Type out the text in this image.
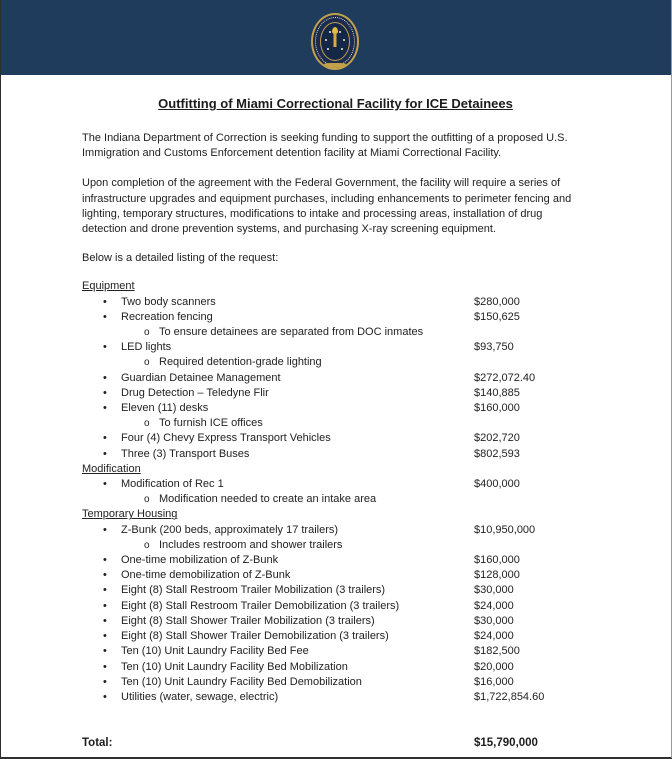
Outfitting of Miami Correctional Facility for ICE Detainees

The Indiana Department of Correction is seeking funding to support the outfitting of a proposed U.S. Immigration and Customs Enforcement detention facility at Miami Correctional Facility.

Upon completion of the agreement with the Federal Government, the facility will require a series of infrastructure upgrades and equipment purchases, including enhancements to perimeter fencing and lighting, temporary structures, modifications to intake and processing areas, installation of drug detection and drone prevention systems, and purchasing X-ray screening equipment.

Below is a detailed listing of the request:

Equipment
• Two body scanners	$280,000
• Recreation fencing	$150,625
o To ensure detainees are separated from DOC inmates
• LED lights	$93,750
o Required detention-grade lighting
• Guardian Detainee Management	$272,072.40
• Drug Detection – Teledyne Flir	$140,885
• Eleven (11) desks	$160,000
o To furnish ICE offices
• Four (4) Chevy Express Transport Vehicles	$202,720
• Three (3) Transport Buses	$802,593
Modification
• Modification of Rec 1	$400,000
o Modification needed to create an intake area
Temporary Housing
• Z-Bunk (200 beds, approximately 17 trailers)	$10,950,000
o Includes restroom and shower trailers
• One-time mobilization of Z-Bunk	$160,000
• One-time demobilization of Z-Bunk	$128,000
• Eight (8) Stall Restroom Trailer Mobilization (3 trailers)	$30,000
• Eight (8) Stall Restroom Trailer Demobilization (3 trailers)	$24,000
• Eight (8) Stall Shower Trailer Mobilization (3 trailers)	$30,000
• Eight (8) Stall Shower Trailer Demobilization (3 trailers)	$24,000
• Ten (10) Unit Laundry Facility Bed Fee	$182,500
• Ten (10) Unit Laundry Facility Bed Mobilization	$20,000
• Ten (10) Unit Laundry Facility Bed Demobilization	$16,000
• Utilities (water, sewage, electric)	$1,722,854.60
Total:	$15,790,000
